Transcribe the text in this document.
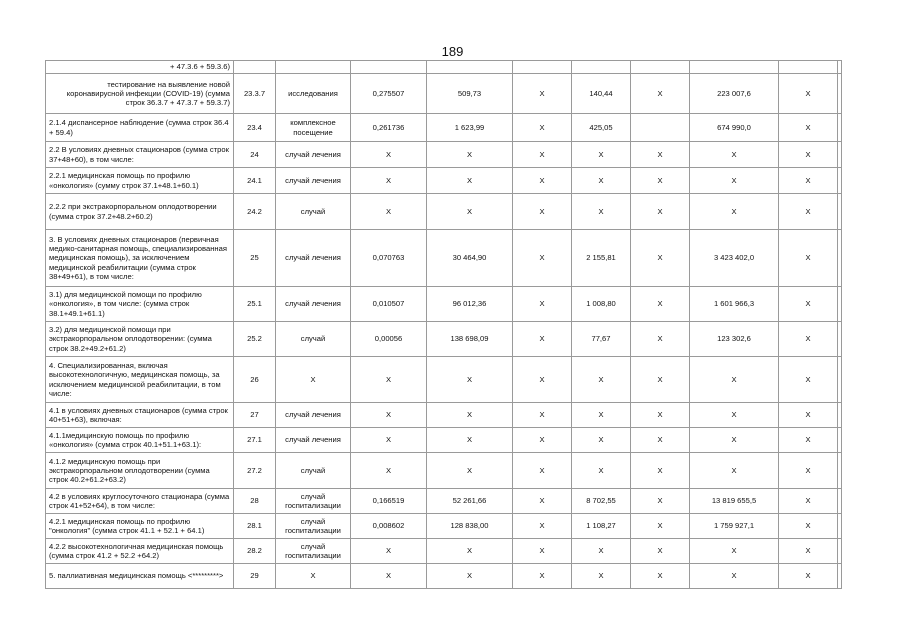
189
+ 47.3.6 + 59.3.6)										
тестирование на выявление новой коронавирусной инфекции (COVID-19) (сумма строк 36.3.7 + 47.3.7 + 59.3.7)	23.3.7	исследования	0,275507	509,73	X	140,44	X	223 007,6	X	
2.1.4 диспансерное наблюдение (сумма строк 36.4 + 59.4)	23.4	комплексное посещение	0,261736	1 623,99	X	425,05		674 990,0	X	
2.2 В условиях дневных стационаров (сумма строк 37+48+60), в том числе:	24	случай лечения	X	X	X	X	X	X	X	
2.2.1 медицинская помощь по профилю «онкология» (сумму строк 37.1+48.1+60.1)	24.1	случай лечения	X	X	X	X	X	X	X	
2.2.2 при экстракорпоральном оплодотворении (сумма строк 37.2+48.2+60.2)	24.2	случай	X	X	X	X	X	X	X	
3. В условиях дневных стационаров (первичная медико-санитарная помощь, специализированная медицинская помощь), за исключением медицинской реабилитации (сумма строк 38+49+61), в том числе:	25	случай лечения	0,070763	30 464,90	X	2 155,81	X	3 423 402,0	X	
3.1) для медицинской помощи по профилю «онкология», в том числе: (сумма строк 38.1+49.1+61.1)	25.1	случай лечения	0,010507	96 012,36	X	1 008,80	X	1 601 966,3	X	
3.2) для медицинской помощи при экстракорпоральном оплодотворении: (сумма строк 38.2+49.2+61.2)	25.2	случай	0,00056	138 698,09	X	77,67	X	123 302,6	X	
4. Специализированная, включая высокотехнологичную, медицинская помощь, за исключением медицинской реабилитации, в том числе:	26	X	X	X	X	X	X	X	X	
4.1 в условиях дневных стационаров (сумма строк 40+51+63), включая:	27	случай лечения	X	X	X	X	X	X	X	
4.1.1медицинскую помощь по профилю «онкология» (сумма строк 40.1+51.1+63.1):	27.1	случай лечения	X	X	X	X	X	X	X	
4.1.2 медицинскую помощь при экстракорпоральном оплодотворении (сумма строк 40.2+61.2+63.2)	27.2	случай	X	X	X	X	X	X	X	
4.2 в условиях круглосуточного стационара (сумма строк 41+52+64), в том числе:	28	случай госпитализации	0,166519	52 261,66	X	8 702,55	X	13 819 655,5	X	
4.2.1 медицинская помощь по профилю "онкология" (сумма строк 41.1 + 52.1 + 64.1)	28.1	случай госпитализации	0,008602	128 838,00	X	1 108,27	X	1 759 927,1	X	
4.2.2 высокотехнологичная медицинская помощь (сумма строк 41.2 + 52.2 +64.2)	28.2	случай госпитализации	X	X	X	X	X	X	X	
5. паллиативная медицинская помощь <*********>	29	X	X	X	X	X	X	X	X	
